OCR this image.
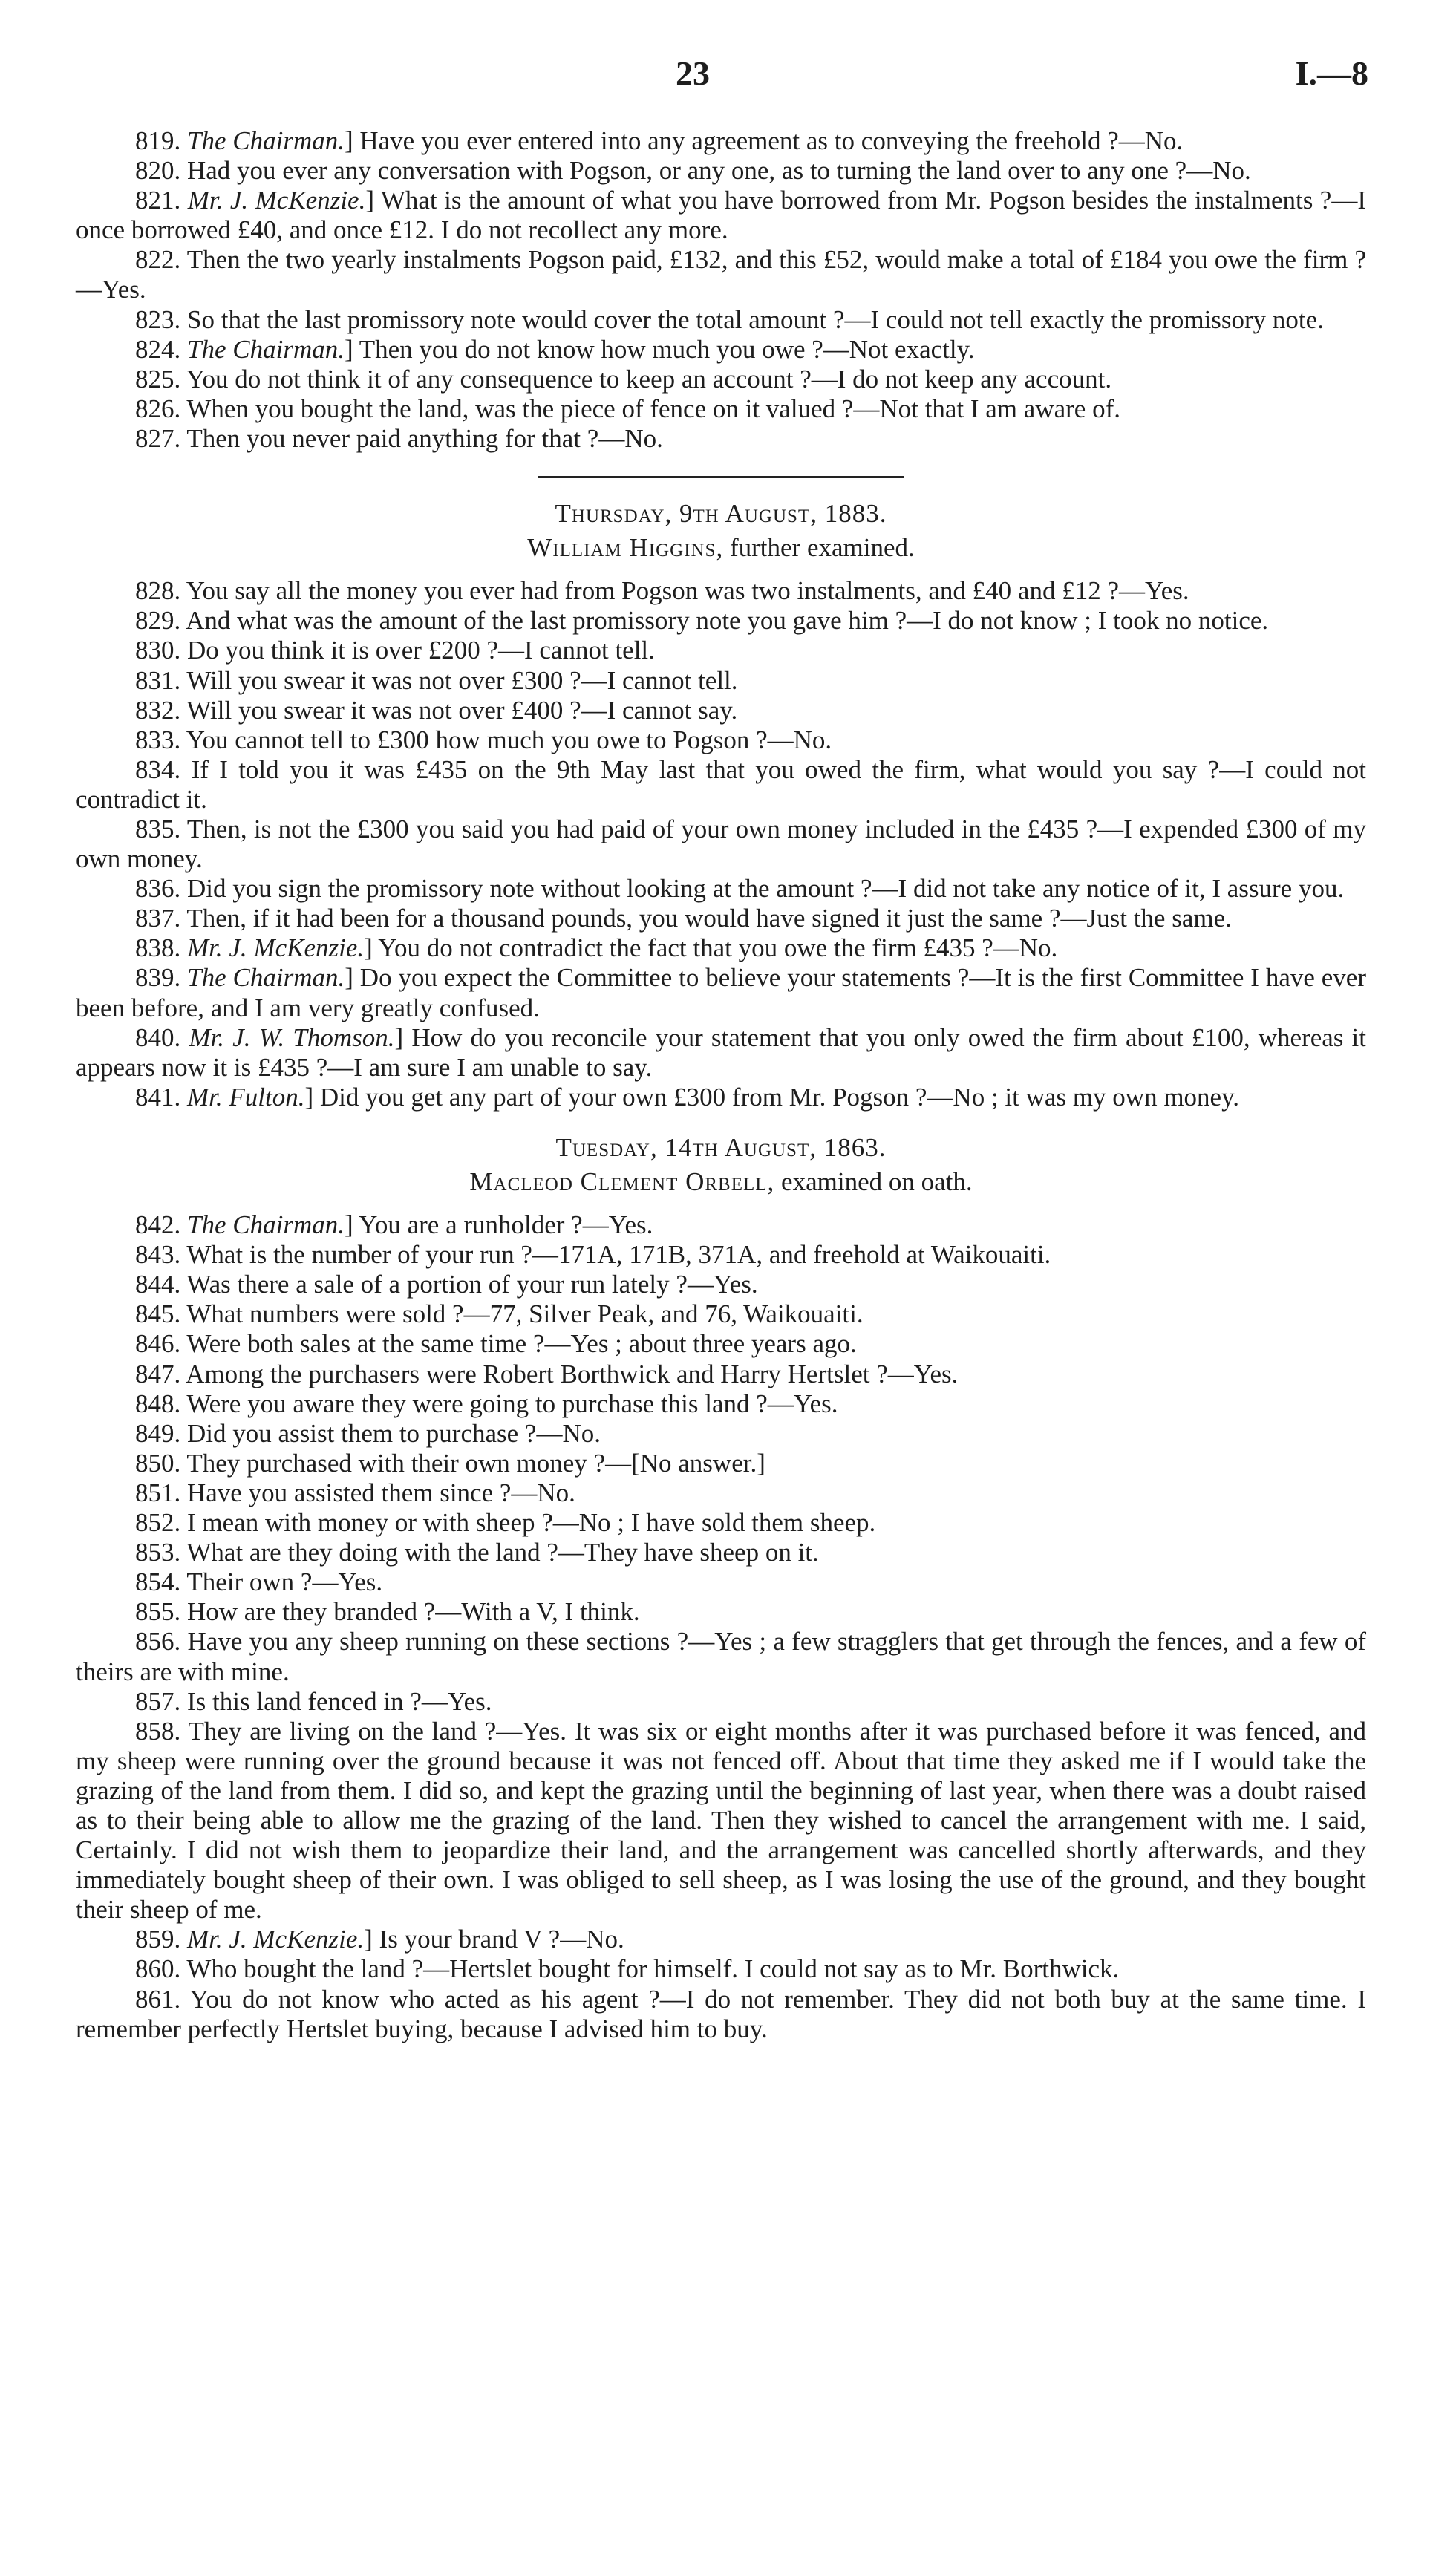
23	I.—8

819. The Chairman.] Have you ever entered into any agreement as to conveying the freehold ?—No.

820. Had you ever any conversation with Pogson, or any one, as to turning the land over to any one ?—No.

821. Mr. J. McKenzie.] What is the amount of what you have borrowed from Mr. Pogson besides the instalments ?—I once borrowed £40, and once £12. I do not recollect any more.

822. Then the two yearly instalments Pogson paid, £132, and this £52, would make a total of £184 you owe the firm ?—Yes.

823. So that the last promissory note would cover the total amount ?—I could not tell exactly the promissory note.

824. The Chairman.] Then you do not know how much you owe ?—Not exactly.

825. You do not think it of any consequence to keep an account ?—I do not keep any account.

826. When you bought the land, was the piece of fence on it valued ?—Not that I am aware of.

827. Then you never paid anything for that ?—No.

Thursday, 9th August, 1883.

William Higgins, further examined.

828. You say all the money you ever had from Pogson was two instalments, and £40 and £12 ?—Yes.

829. And what was the amount of the last promissory note you gave him ?—I do not know ; I took no notice.

830. Do you think it is over £200 ?—I cannot tell.

831. Will you swear it was not over £300 ?—I cannot tell.

832. Will you swear it was not over £400 ?—I cannot say.

833. You cannot tell to £300 how much you owe to Pogson ?—No.

834. If I told you it was £435 on the 9th May last that you owed the firm, what would you say ?—I could not contradict it.

835. Then, is not the £300 you said you had paid of your own money included in the £435 ?—I expended £300 of my own money.

836. Did you sign the promissory note without looking at the amount ?—I did not take any notice of it, I assure you.

837. Then, if it had been for a thousand pounds, you would have signed it just the same ?—Just the same.

838. Mr. J. McKenzie.] You do not contradict the fact that you owe the firm £435 ?—No.

839. The Chairman.] Do you expect the Committee to believe your statements ?—It is the first Committee I have ever been before, and I am very greatly confused.

840. Mr. J. W. Thomson.] How do you reconcile your statement that you only owed the firm about £100, whereas it appears now it is £435 ?—I am sure I am unable to say.

841. Mr. Fulton.] Did you get any part of your own £300 from Mr. Pogson ?—No ; it was my own money.

Tuesday, 14th August, 1863.

Macleod Clement Orbell, examined on oath.

842. The Chairman.] You are a runholder ?—Yes.

843. What is the number of your run ?—171A, 171B, 371A, and freehold at Waikouaiti.

844. Was there a sale of a portion of your run lately ?—Yes.

845. What numbers were sold ?—77, Silver Peak, and 76, Waikouaiti.

846. Were both sales at the same time ?—Yes ; about three years ago.

847. Among the purchasers were Robert Borthwick and Harry Hertslet ?—Yes.

848. Were you aware they were going to purchase this land ?—Yes.

849. Did you assist them to purchase ?—No.

850. They purchased with their own money ?—[No answer.]

851. Have you assisted them since ?—No.

852. I mean with money or with sheep ?—No ; I have sold them sheep.

853. What are they doing with the land ?—They have sheep on it.

854. Their own ?—Yes.

855. How are they branded ?—With a V, I think.

856. Have you any sheep running on these sections ?—Yes ; a few stragglers that get through the fences, and a few of theirs are with mine.

857. Is this land fenced in ?—Yes.

858. They are living on the land ?—Yes. It was six or eight months after it was purchased before it was fenced, and my sheep were running over the ground because it was not fenced off. About that time they asked me if I would take the grazing of the land from them. I did so, and kept the grazing until the beginning of last year, when there was a doubt raised as to their being able to allow me the grazing of the land. Then they wished to cancel the arrangement with me. I said, Certainly. I did not wish them to jeopardize their land, and the arrangement was cancelled shortly afterwards, and they immediately bought sheep of their own. I was obliged to sell sheep, as I was losing the use of the ground, and they bought their sheep of me.

859. Mr. J. McKenzie.] Is your brand V ?—No.

860. Who bought the land ?—Hertslet bought for himself. I could not say as to Mr. Borthwick.

861. You do not know who acted as his agent ?—I do not remember. They did not both buy at the same time. I remember perfectly Hertslet buying, because I advised him to buy.
